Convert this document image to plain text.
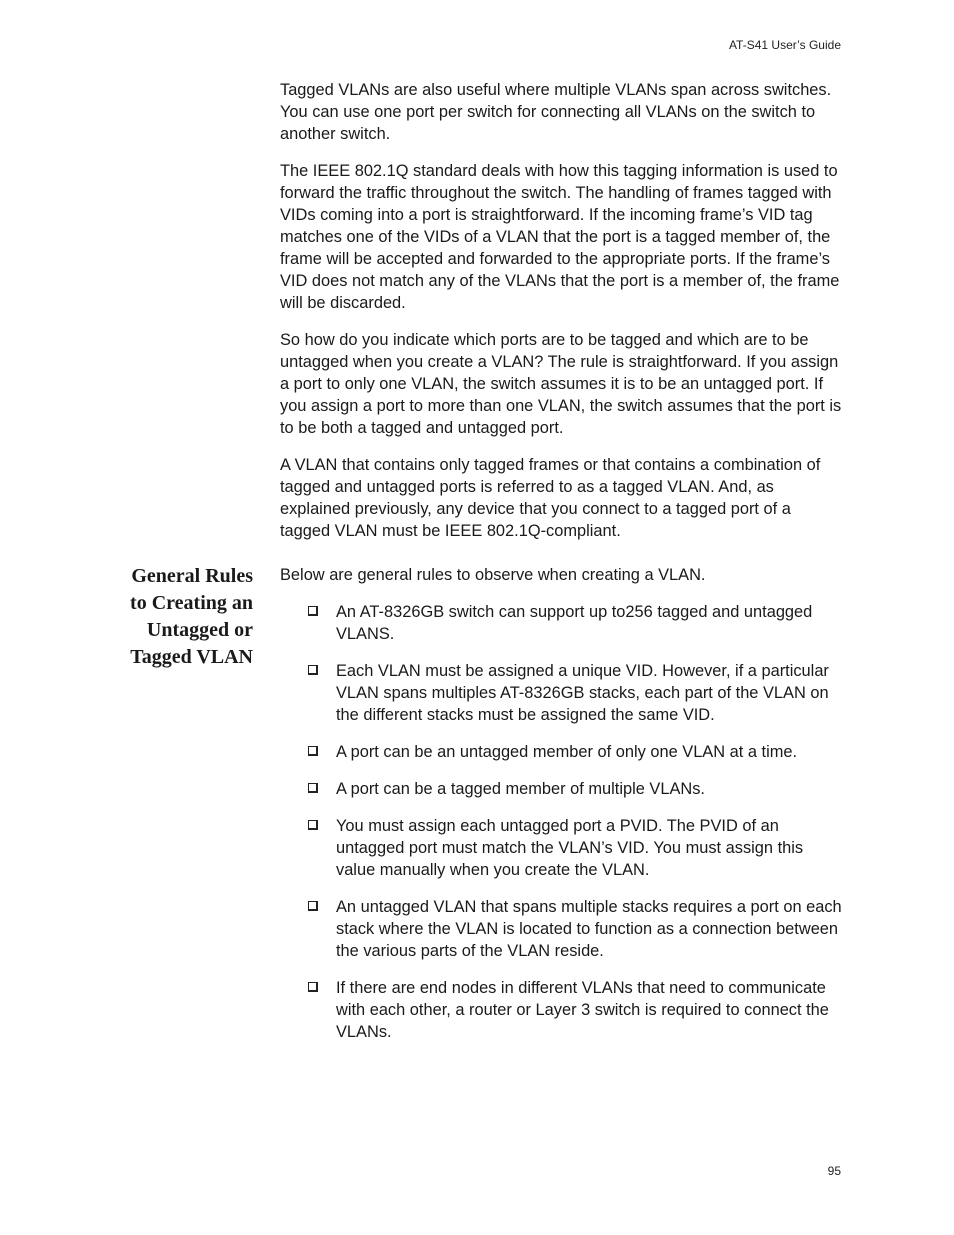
AT-S41 User’s Guide

Tagged VLANs are also useful where multiple VLANs span across switches. You can use one port per switch for connecting all VLANs on the switch to another switch.

The IEEE 802.1Q standard deals with how this tagging information is used to forward the traffic throughout the switch. The handling of frames tagged with VIDs coming into a port is straightforward. If the incoming frame’s VID tag matches one of the VIDs of a VLAN that the port is a tagged member of, the frame will be accepted and forwarded to the appropriate ports. If the frame’s VID does not match any of the VLANs that the port is a member of, the frame will be discarded.

So how do you indicate which ports are to be tagged and which are to be untagged when you create a VLAN? The rule is straightforward. If you assign a port to only one VLAN, the switch assumes it is to be an untagged port. If you assign a port to more than one VLAN, the switch assumes that the port is to be both a tagged and untagged port.

A VLAN that contains only tagged frames or that contains a combination of tagged and untagged ports is referred to as a tagged VLAN. And, as explained previously, any device that you connect to a tagged port of a tagged VLAN must be IEEE 802.1Q-compliant.

General Rules
to Creating an
Untagged or
Tagged VLAN

Below are general rules to observe when creating a VLAN.

An AT-8326GB switch can support up to256 tagged and untagged VLANS.
Each VLAN must be assigned a unique VID. However, if a particular VLAN spans multiples AT-8326GB stacks, each part of the VLAN on the different stacks must be assigned the same VID.
A port can be an untagged member of only one VLAN at a time.
A port can be a tagged member of multiple VLANs.
You must assign each untagged port a PVID. The PVID of an untagged port must match the VLAN’s VID. You must assign this value manually when you create the VLAN.
An untagged VLAN that spans multiple stacks requires a port on each stack where the VLAN is located to function as a connection between the various parts of the VLAN reside.
If there are end nodes in different VLANs that need to communicate with each other, a router or Layer 3 switch is required to connect the VLANs.
95
